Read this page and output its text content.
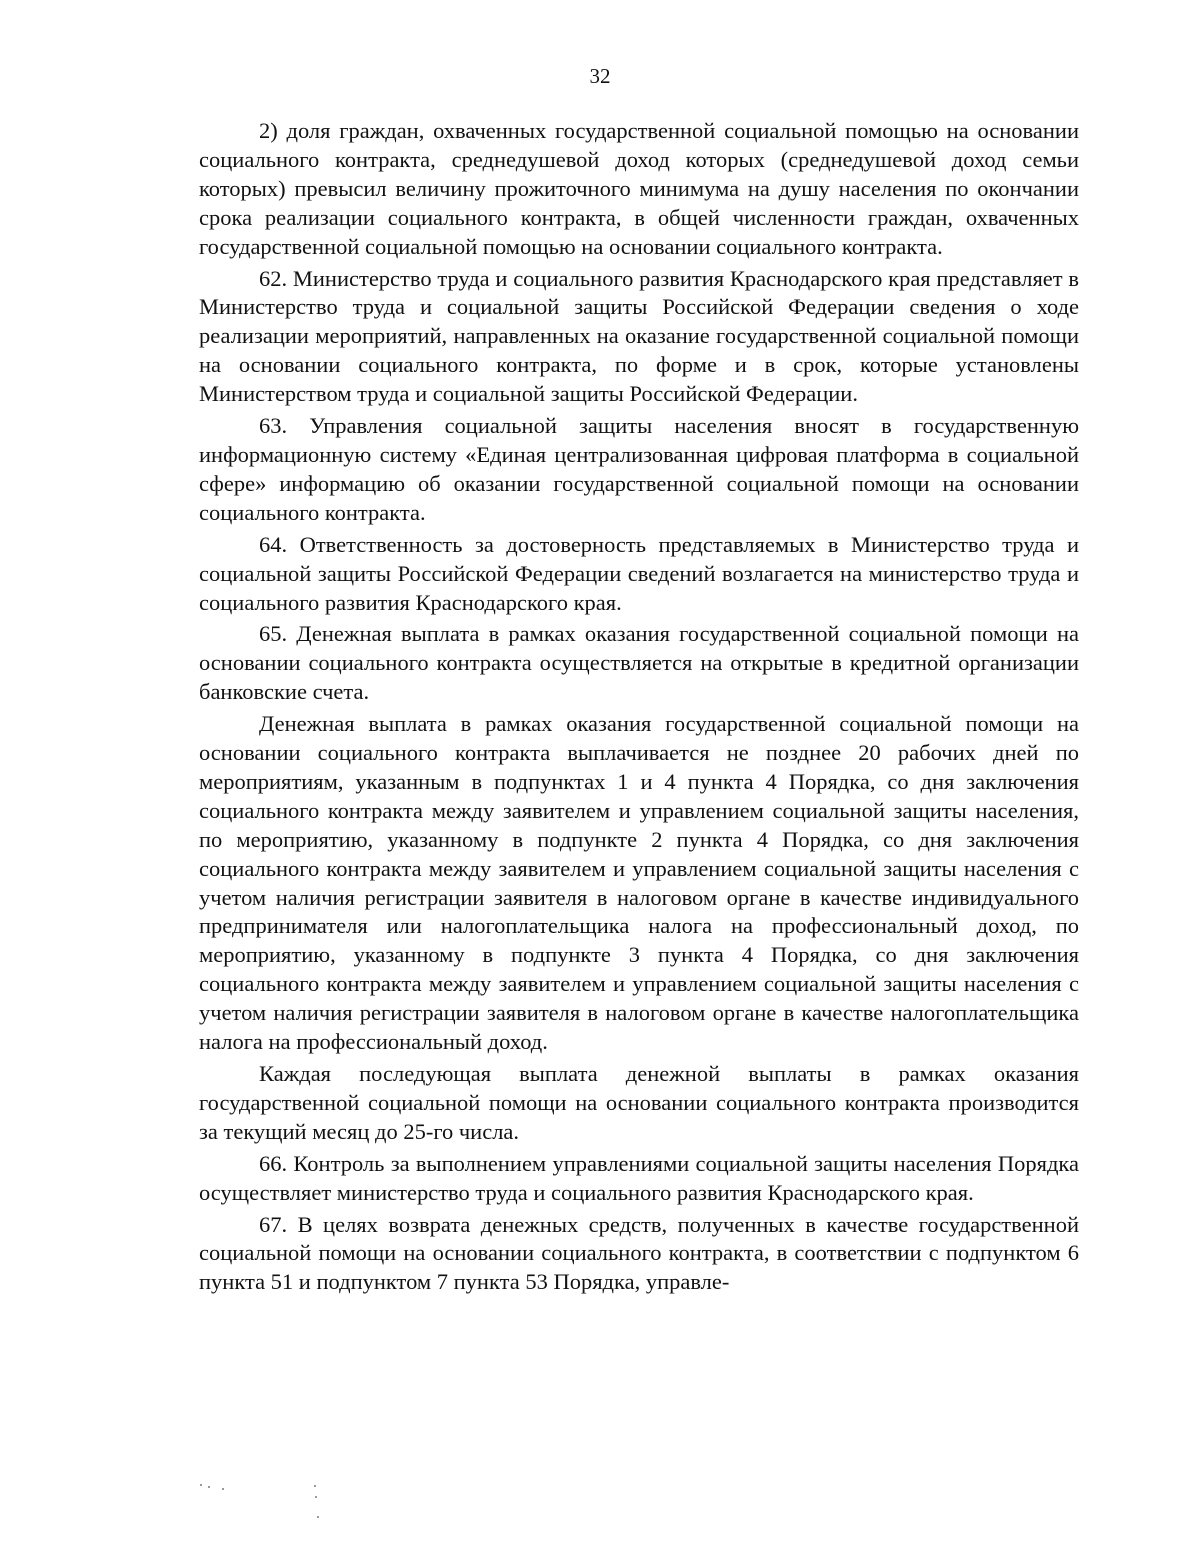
32

2) доля граждан, охваченных государственной социальной помощью на основании социального контракта, среднедушевой доход которых (среднедушевой доход семьи которых) превысил величину прожиточного минимума на душу населения по окончании срока реализации социального контракта, в общей численности граждан, охваченных государственной социальной помощью на основании социального контракта.

62. Министерство труда и социального развития Краснодарского края представляет в Министерство труда и социальной защиты Российской Федерации сведения о ходе реализации мероприятий, направленных на оказание государственной социальной помощи на основании социального контракта, по форме и в срок, которые установлены Министерством труда и социальной защиты Российской Федерации.

63. Управления социальной защиты населения вносят в государственную информационную систему «Единая централизованная цифровая платформа в социальной сфере» информацию об оказании государственной социальной помощи на основании социального контракта.

64. Ответственность за достоверность представляемых в Министерство труда и социальной защиты Российской Федерации сведений возлагается на министерство труда и социального развития Краснодарского края.

65. Денежная выплата в рамках оказания государственной социальной помощи на основании социального контракта осуществляется на открытые в кредитной организации банковские счета.

Денежная выплата в рамках оказания государственной социальной помощи на основании социального контракта выплачивается не позднее 20 рабочих дней по мероприятиям, указанным в подпунктах 1 и 4 пункта 4 Порядка, со дня заключения социального контракта между заявителем и управлением социальной защиты населения, по мероприятию, указанному в подпункте 2 пункта 4 Порядка, со дня заключения социального контракта между заявителем и управлением социальной защиты населения с учетом наличия регистрации заявителя в налоговом органе в качестве индивидуального предпринимателя или налогоплательщика налога на профессиональный доход, по мероприятию, указанному в подпункте 3 пункта 4 Порядка, со дня заключения социального контракта между заявителем и управлением социальной защиты населения с учетом наличия регистрации заявителя в налоговом органе в качестве налогоплательщика налога на профессиональный доход.

Каждая последующая выплата денежной выплаты в рамках оказания государственной социальной помощи на основании социального контракта производится за текущий месяц до 25-го числа.

66. Контроль за выполнением управлениями социальной защиты населения Порядка осуществляет министерство труда и социального развития Краснодарского края.

67. В целях возврата денежных средств, полученных в качестве государственной социальной помощи на основании социального контракта, в соответствии с подпунктом 6 пункта 51 и подпунктом 7 пункта 53 Порядка, управле-
